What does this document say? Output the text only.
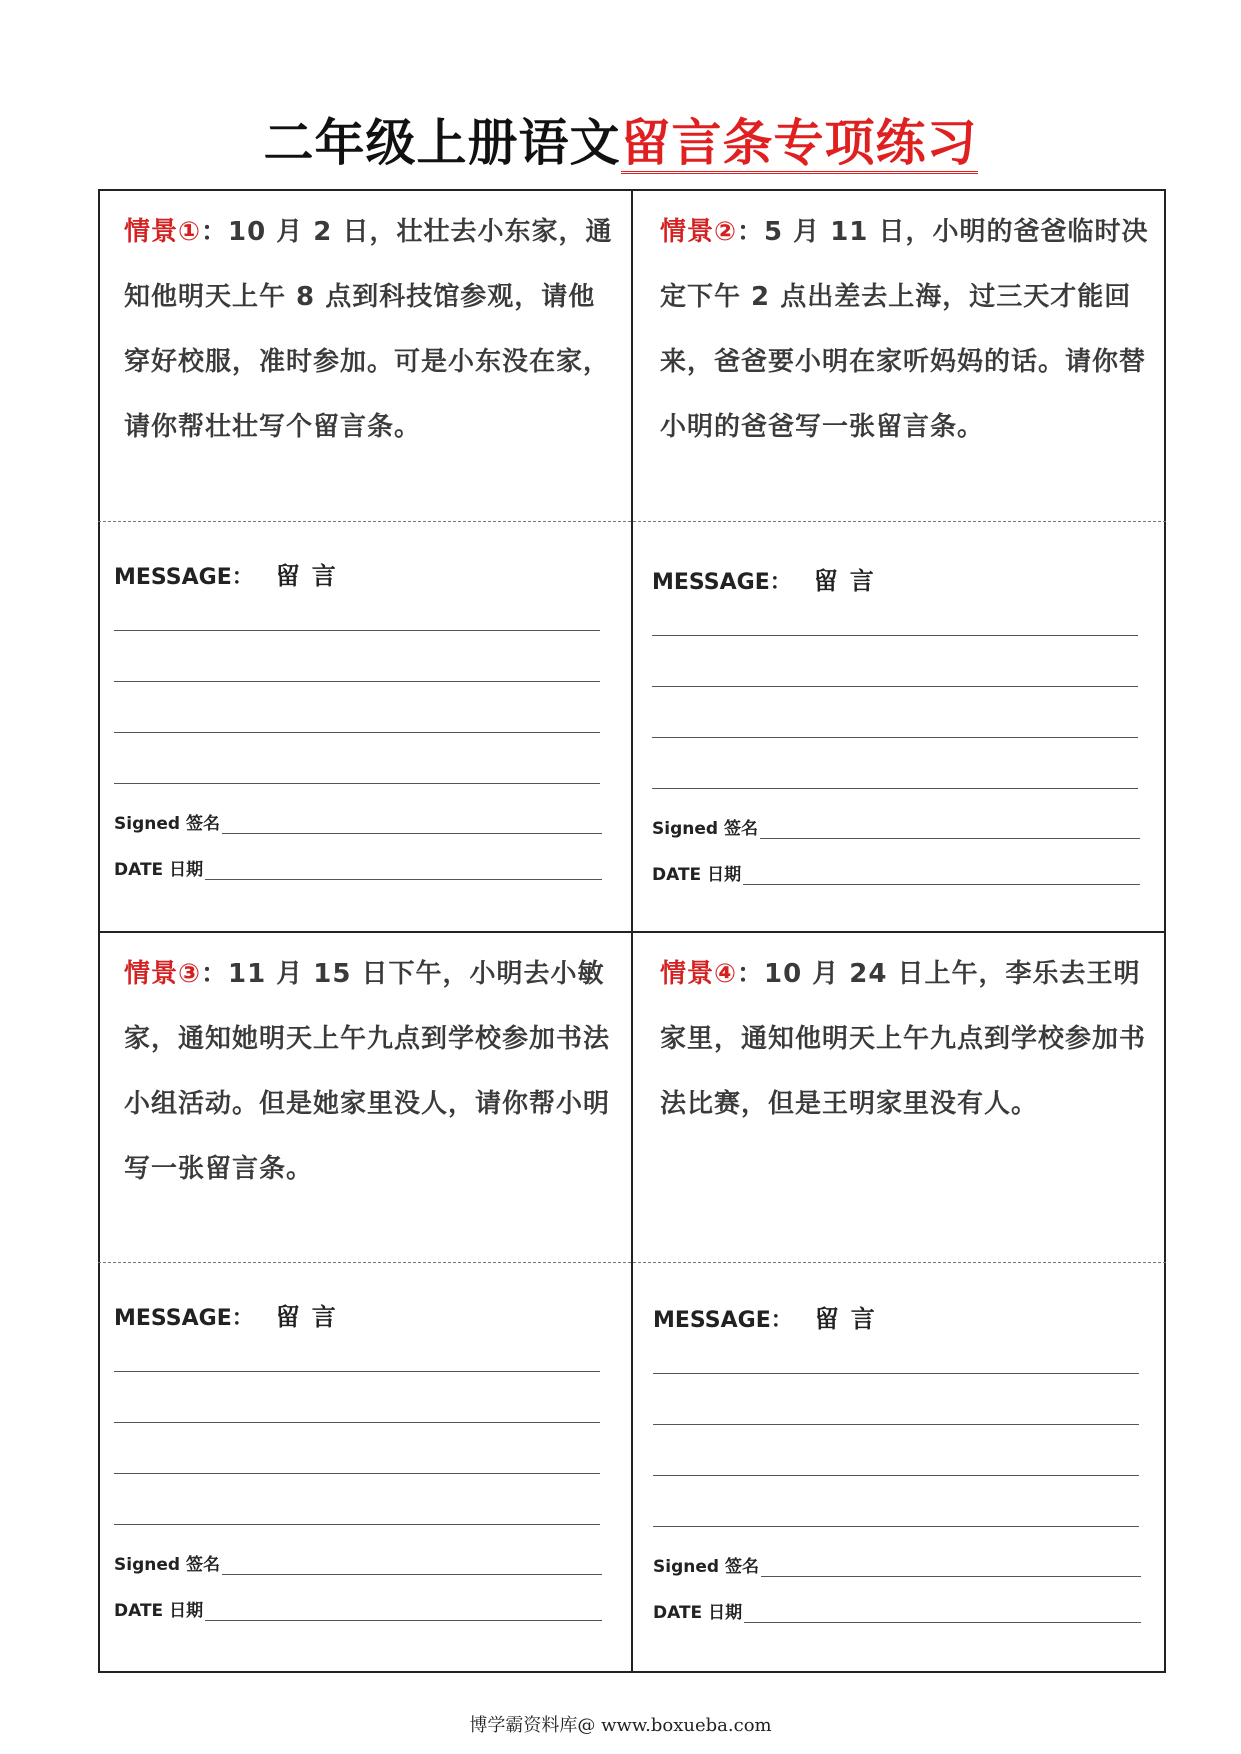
二年级上册语文留言条专项练习
情景①：10 月 2 日，壮壮去小东家，通知他明天上午 8 点到科技馆参观，请他穿好校服，准时参加。可是小东没在家，请你帮壮壮写个留言条。
情景②：5 月 11 日，小明的爸爸临时决定下午 2 点出差去上海，过三天才能回来，爸爸要小明在家听妈妈的话。请你替小明的爸爸写一张留言条。
情景③：11 月 15 日下午，小明去小敏家，通知她明天上午九点到学校参加书法小组活动。但是她家里没人，请你帮小明写一张留言条。
情景④：10 月 24 日上午，李乐去王明家里，通知他明天上午九点到学校参加书法比赛，但是王明家里没有人。
MESSAGE： 留言
Signed 签名
DATE 日期
MESSAGE： 留言
Signed 签名
DATE 日期
MESSAGE： 留言
Signed 签名
DATE 日期
MESSAGE： 留言
Signed 签名
DATE 日期
博学霸资料库@ www.boxueba.com
